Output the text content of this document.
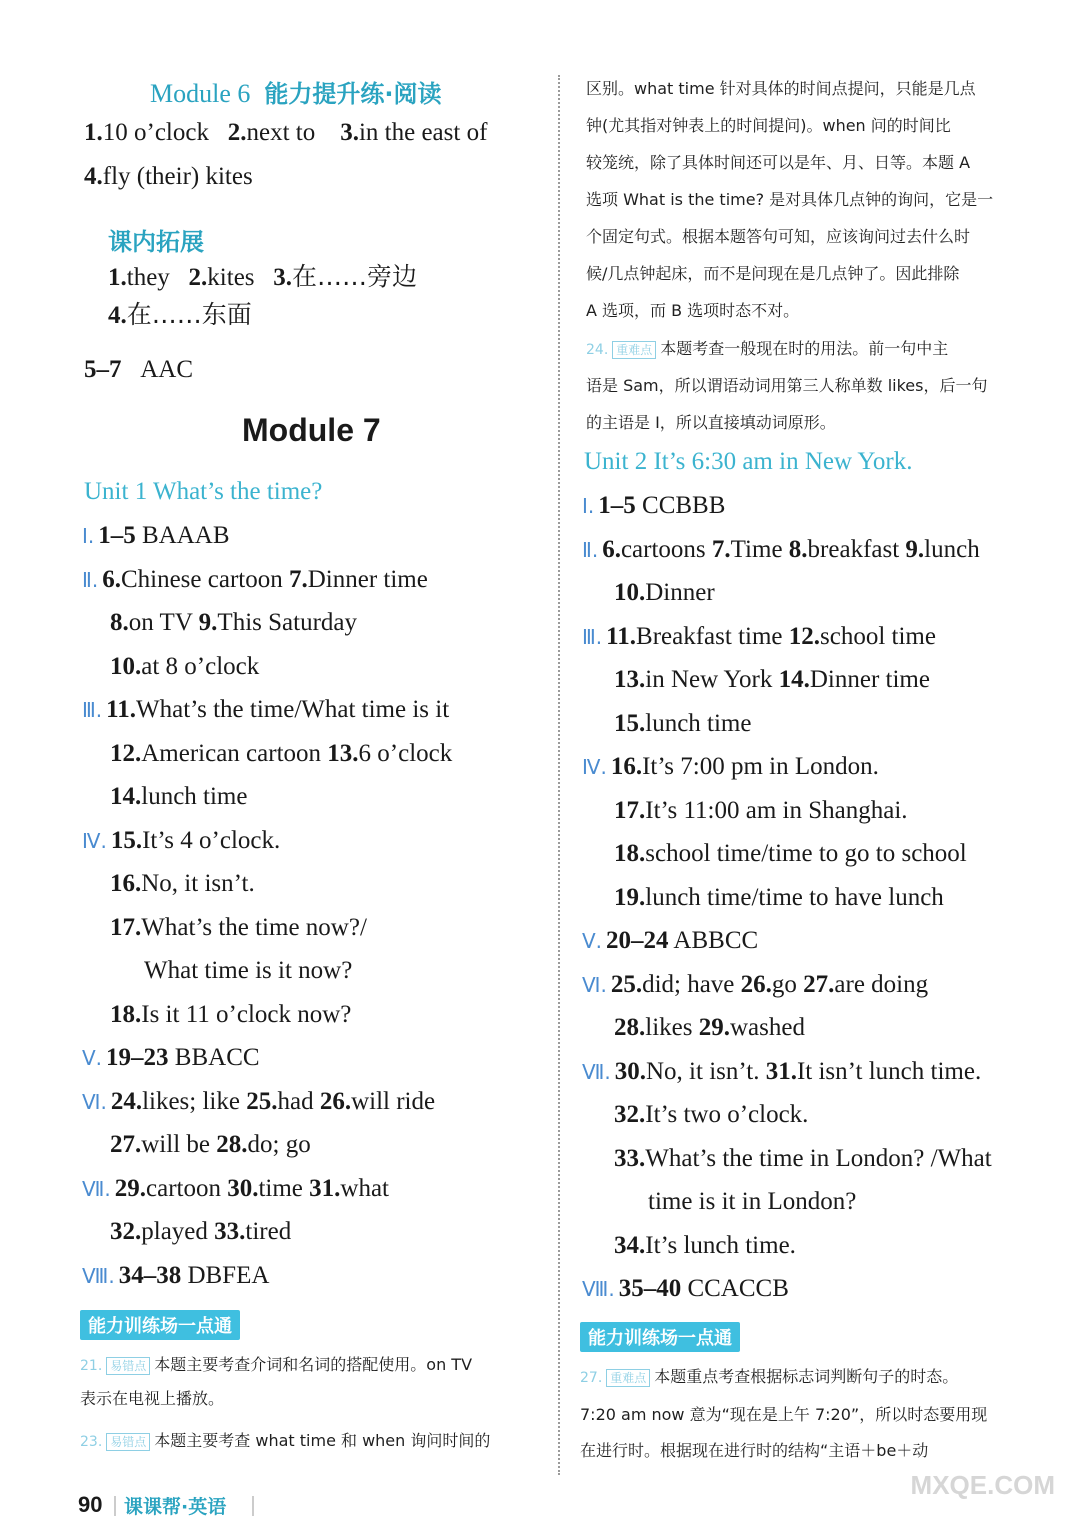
Module 6 能力提升练·阅读
1.10 o’clock 2.next to 3.in the east of
4.fly (their) kites
课内拓展
1.they 2.kites 3.在……旁边
4.在……东面
5–7 AAC
Module 7
Unit 1 What’s the time?
Ⅰ. 1–5 BAAAB
Ⅱ. 6.Chinese cartoon 7.Dinner time
8.on TV 9.This Saturday
10.at 8 o’clock
Ⅲ. 11.What’s the time/What time is it
12.American cartoon 13.6 o’clock
14.lunch time
Ⅳ. 15.It’s 4 o’clock.
16.No, it isn’t.
17.What’s the time now?/
What time is it now?
18.Is it 11 o’clock now?
Ⅴ. 19–23 BBACC
Ⅵ. 24.likes; like 25.had 26.will ride
27.will be 28.do; go
Ⅶ. 29.cartoon 30.time 31.what
32.played 33.tired
Ⅷ. 34–38 DBFEA
能力训练场一点通
21. 易错点 本题主要考查介词和名词的搭配使用。on TV
表示在电视上播放。
23. 易错点 本题主要考查 what time 和 when 询问时间的
区别。what time 针对具体的时间点提问，只能是几点
钟(尤其指对钟表上的时间提问)。when 问的时间比
较笼统，除了具体时间还可以是年、月、日等。本题 A
选项 What is the time? 是对具体几点钟的询问，它是一
个固定句式。根据本题答句可知，应该询问过去什么时
候/几点钟起床，而不是问现在是几点钟了。因此排除
A 选项，而 B 选项时态不对。
24. 重难点 本题考查一般现在时的用法。前一句中主
语是 Sam，所以谓语动词用第三人称单数 likes，后一句
的主语是 I，所以直接填动词原形。
Unit 2 It’s 6:30 am in New York.
Ⅰ. 1–5 CCBBB
Ⅱ. 6.cartoons 7.Time 8.breakfast 9.lunch
10.Dinner
Ⅲ. 11.Breakfast time 12.school time
13.in New York 14.Dinner time
15.lunch time
Ⅳ. 16.It’s 7:00 pm in London.
17.It’s 11:00 am in Shanghai.
18.school time/time to go to school
19.lunch time/time to have lunch
Ⅴ. 20–24 ABBCC
Ⅵ. 25.did; have 26.go 27.are doing
28.likes 29.washed
Ⅶ. 30.No, it isn’t. 31.It isn’t lunch time.
32.It’s two o’clock.
33.What’s the time in London? /What
time is it in London?
34.It’s lunch time.
Ⅷ. 35–40 CCACCB
能力训练场一点通
27. 重难点 本题重点考查根据标志词判断句子的时态。
7:20 am now 意为“现在是上午 7:20”，所以时态要用现
在进行时。根据现在进行时的结构“主语＋be＋动
90 课课帮·英语
MXQE.COM
